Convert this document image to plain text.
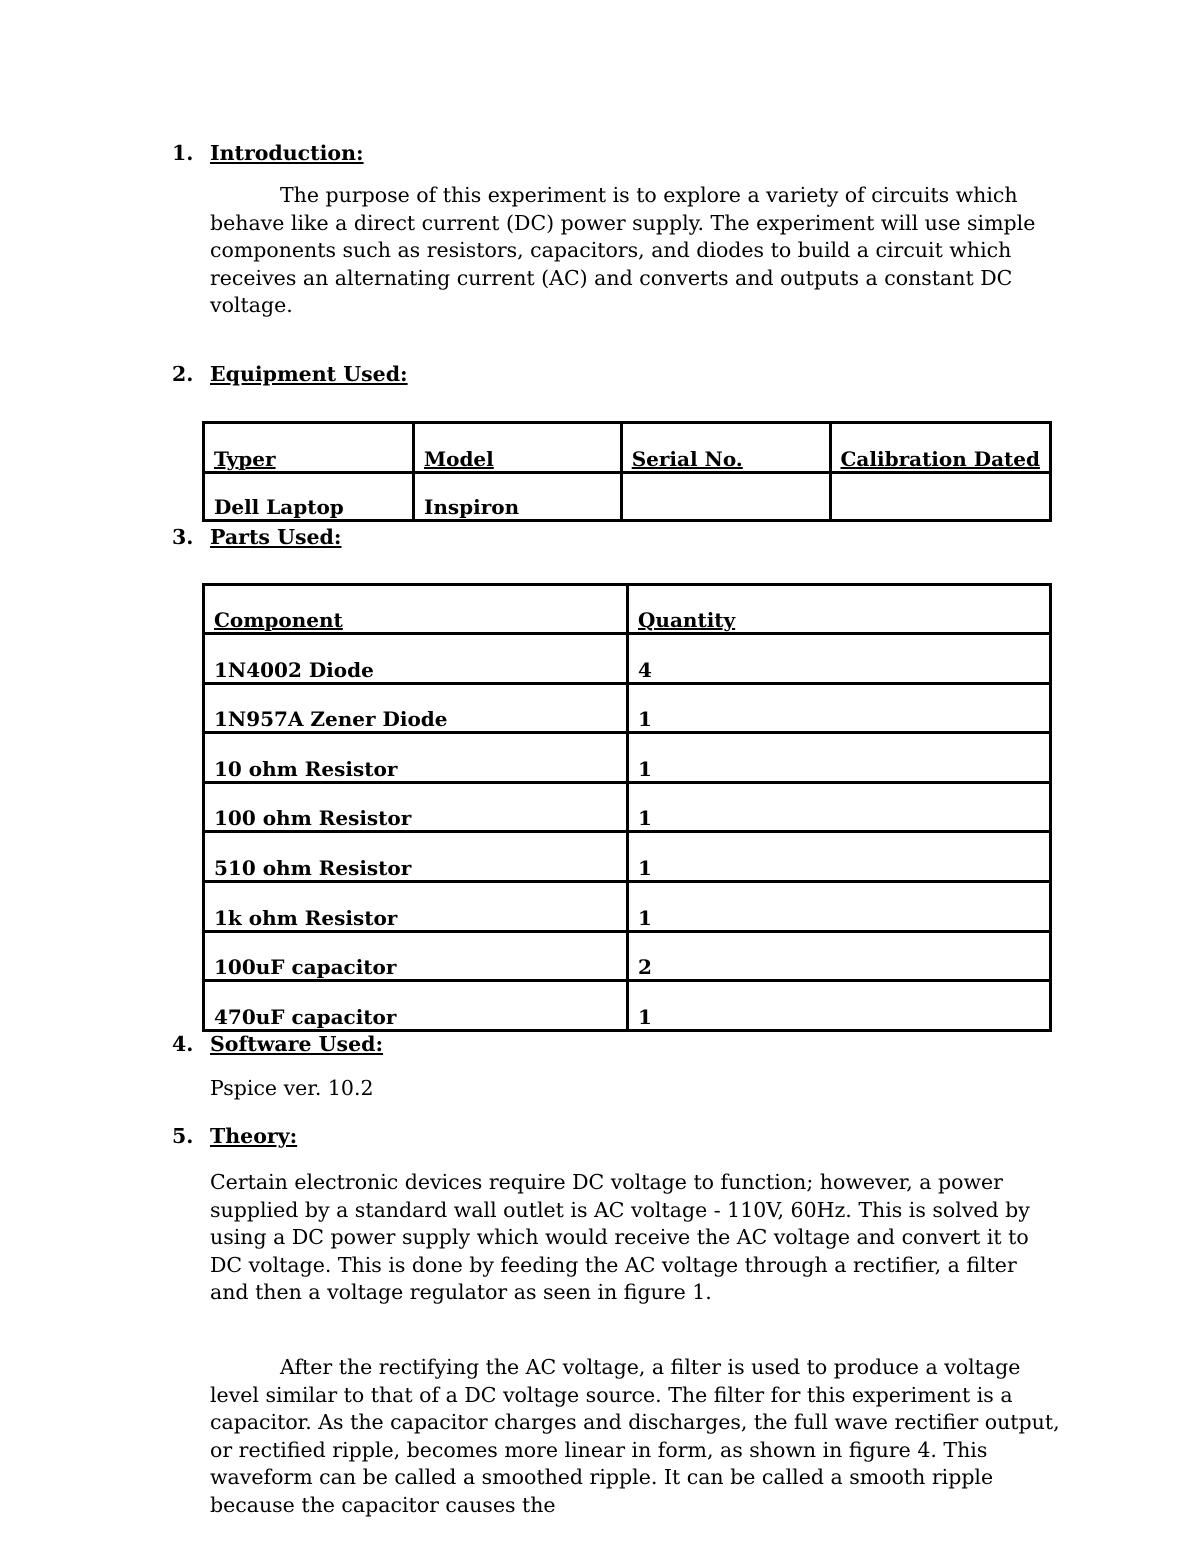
1. Introduction:
The purpose of this experiment is to explore a variety of circuits which behave like a direct current (DC) power supply. The experiment will use simple components such as resistors, capacitors, and diodes to build a circuit which receives an alternating current (AC) and converts and outputs a constant DC voltage.
2. Equipment Used:
Typer	Model	Serial No.	Calibration Dated
Dell Laptop	Inspiron		
3. Parts Used:
Component	Quantity
1N4002 Diode	4
1N957A Zener Diode	1
10 ohm Resistor	1
100 ohm Resistor	1
510 ohm Resistor	1
1k ohm Resistor	1
100uF capacitor	2
470uF capacitor	1
4. Software Used:
Pspice ver. 10.2
5. Theory:
Certain electronic devices require DC voltage to function; however, a power supplied by a standard wall outlet is AC voltage - 110V, 60Hz. This is solved by using a DC power supply which would receive the AC voltage and convert it to DC voltage. This is done by feeding the AC voltage through a rectifier, a filter and then a voltage regulator as seen in figure 1.
After the rectifying the AC voltage, a filter is used to produce a voltage level similar to that of a DC voltage source. The filter for this experiment is a capacitor. As the capacitor charges and discharges, the full wave rectifier output, or rectified ripple, becomes more linear in form, as shown in figure 4. This waveform can be called a smoothed ripple. It can be called a smooth ripple because the capacitor causes the
